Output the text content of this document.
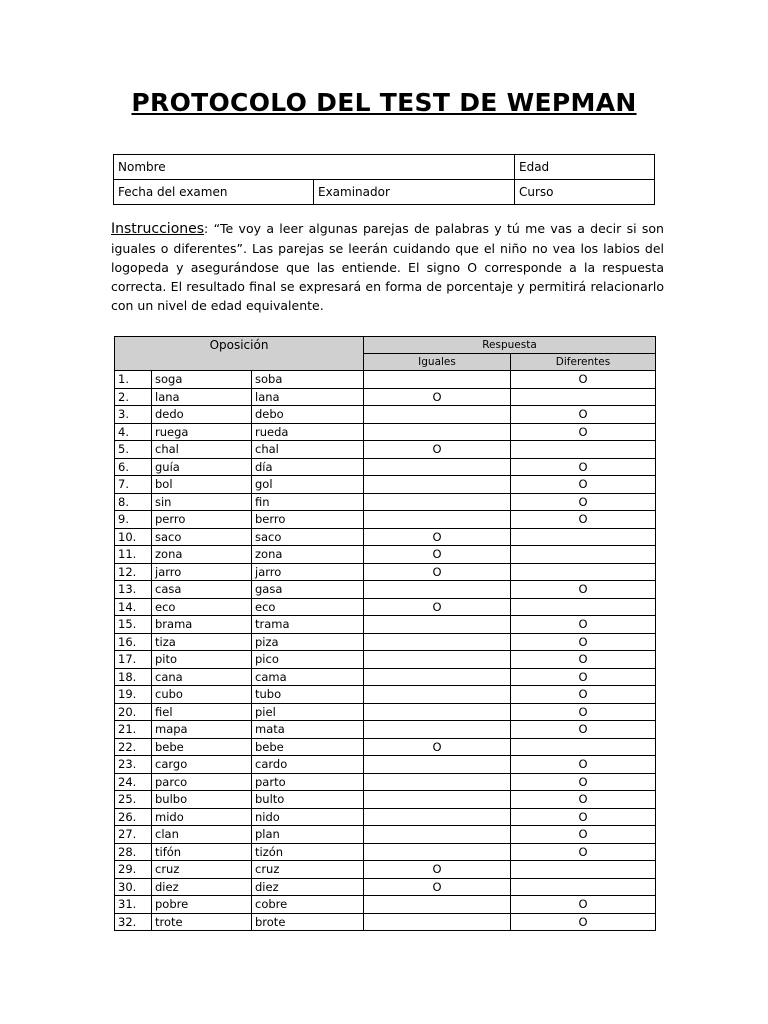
PROTOCOLO DEL TEST DE WEPMAN
Nombre		Edad
Fecha del examen	Examinador	Curso

Instrucciones: “Te voy a leer algunas parejas de palabras y tú me vas a decir si son iguales o diferentes”. Las parejas se leerán cuidando que el niño no vea los labios del logopeda y asegurándose que las entiende. El signo O corresponde a la respuesta correcta. El resultado final se expresará en forma de porcentaje y permitirá relacionarlo con un nivel de edad equivalente.

Oposición			Respuesta	
			Iguales	Diferentes
1.	soga	soba		O
2.	lana	lana	O	
3.	dedo	debo		O
4.	ruega	rueda		O
5.	chal	chal	O	
6.	guía	día		O
7.	bol	gol		O
8.	sin	fin		O
9.	perro	berro		O
10.	saco	saco	O	
11.	zona	zona	O	
12.	jarro	jarro	O	
13.	casa	gasa		O
14.	eco	eco	O	
15.	brama	trama		O
16.	tiza	piza		O
17.	pito	pico		O
18.	cana	cama		O
19.	cubo	tubo		O
20.	fiel	piel		O
21.	mapa	mata		O
22.	bebe	bebe	O	
23.	cargo	cardo		O
24.	parco	parto		O
25.	bulbo	bulto		O
26.	mido	nido		O
27.	clan	plan		O
28.	tifón	tizón		O
29.	cruz	cruz	O	
30.	diez	diez	O	
31.	pobre	cobre		O
32.	trote	brote		O
